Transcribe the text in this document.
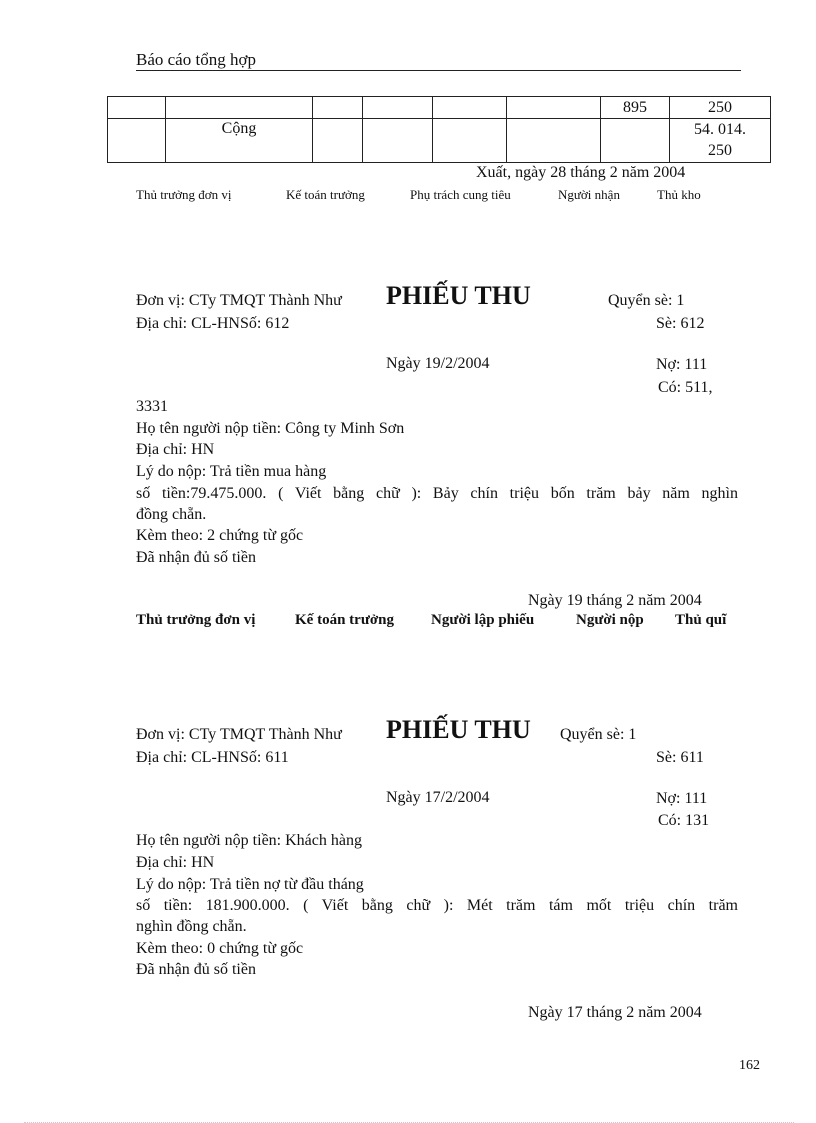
Báo cáo tổng hợp
						895	250
	Cộng						54. 014.
250
Xuất, ngày 28 tháng 2 năm 2004
Thủ trưởng đơn vị	Kế toán trưởng	Phụ trách cung tiêu	Người nhận	Thủ kho
Đơn vị: CTy TMQT Thành Như PHIẾU THU	Quyển sè: 1
Địa chỉ: CL-HNSố: 612	Sè: 612
Ngày 19/2/2004	Nợ: 111
Có: 511,
3331
Họ tên người nộp tiền: Công ty Minh Sơn
Địa chỉ: HN
Lý do nộp: Trả tiền mua hàng
số tiền:79.475.000. ( Viết bằng chữ ): Bảy chín triệu bốn trăm bảy năm nghìn
đồng chẵn.
Kèm theo: 2 chứng từ gốc
Đã nhận đủ số tiền
Ngày 19 tháng 2 năm 2004
Thủ trưởng đơn vị	Kế toán trưởng Người lập phiếu	Người nộp Thủ quĩ
Đơn vị: CTy TMQT Thành Như PHIẾU THU Quyển sè: 1
Địa chỉ: CL-HNSố: 611	Sè: 611
Ngày 17/2/2004	Nợ: 111
Có: 131
Họ tên người nộp tiền: Khách hàng
Địa chỉ: HN
Lý do nộp: Trả tiền nợ từ đầu tháng
số tiền: 181.900.000. ( Viết bằng chữ ): Mét trăm tám mốt triệu chín trăm
nghìn đồng chẵn.
Kèm theo: 0 chứng từ gốc
Đã nhận đủ số tiền
Ngày 17 tháng 2 năm 2004
162
